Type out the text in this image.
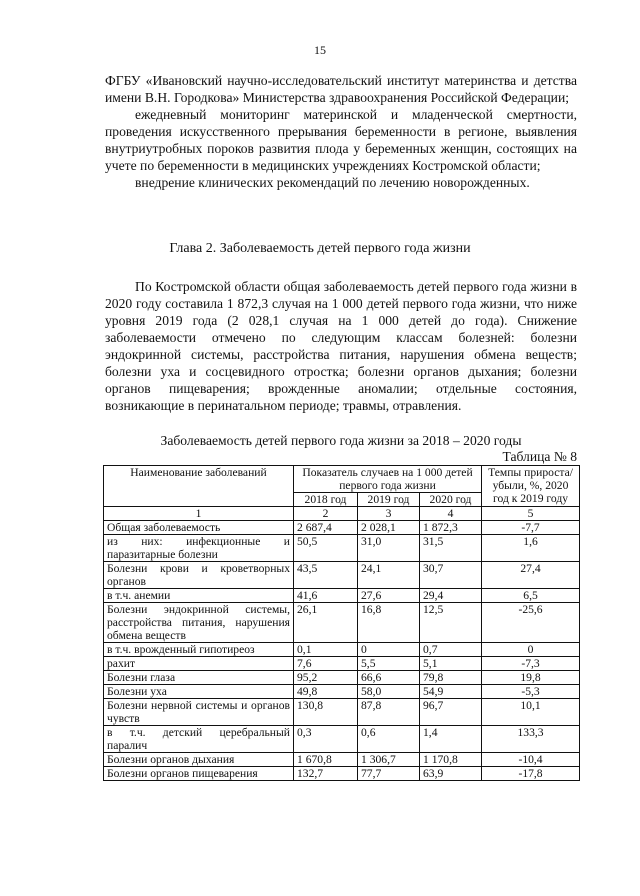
15

ФГБУ «Ивановский научно-исследовательский институт материнства и детства имени В.Н. Городкова» Министерства здравоохранения Российской Федерации;

ежедневный мониторинг материнской и младенческой смертности, проведения искусственного прерывания беременности в регионе, выявления внутриутробных пороков развития плода у беременных женщин, состоящих на учете по беременности в медицинских учреждениях Костромской области;

внедрение клинических рекомендаций по лечению новорожденных.

Глава 2. Заболеваемость детей первого года жизни

По Костромской области общая заболеваемость детей первого года жизни в 2020 году составила 1 872,3 случая на 1 000 детей первого года жизни, что ниже уровня 2019 года (2 028,1 случая на 1 000 детей до года). Снижение заболеваемости отмечено по следующим классам болезней: болезни эндокринной системы, расстройства питания, нарушения обмена веществ; болезни уха и сосцевидного отростка; болезни органов дыхания; болезни органов пищеварения; врожденные аномалии; отдельные состояния, возникающие в перинатальном периоде; травмы, отравления.

Заболеваемость детей первого года жизни за 2018 – 2020 годы
Таблица № 8
Наименование заболеваний	Показатель случаев на 1 000 детей первого года жизни			Темпы прироста/убыли, %, 2020 год к 2019 году
	2018 год	2019 год	2020 год	
1	2	3	4	5
Общая заболеваемость	2 687,4	2 028,1	1 872,3	-7,7
из них: инфекционные и паразитарные болезни	50,5	31,0	31,5	1,6
Болезни крови и кроветворных органов	43,5	24,1	30,7	27,4
в т.ч. анемии	41,6	27,6	29,4	6,5
Болезни эндокринной системы, расстройства питания, нарушения обмена веществ	26,1	16,8	12,5	-25,6
в т.ч. врожденный гипотиреоз	0,1	0	0,7	0
рахит	7,6	5,5	5,1	-7,3
Болезни глаза	95,2	66,6	79,8	19,8
Болезни уха	49,8	58,0	54,9	-5,3
Болезни нервной системы и органов чувств	130,8	87,8	96,7	10,1
в т.ч. детский церебральный паралич	0,3	0,6	1,4	133,3
Болезни органов дыхания	1 670,8	1 306,7	1 170,8	-10,4
Болезни органов пищеварения	132,7	77,7	63,9	-17,8
